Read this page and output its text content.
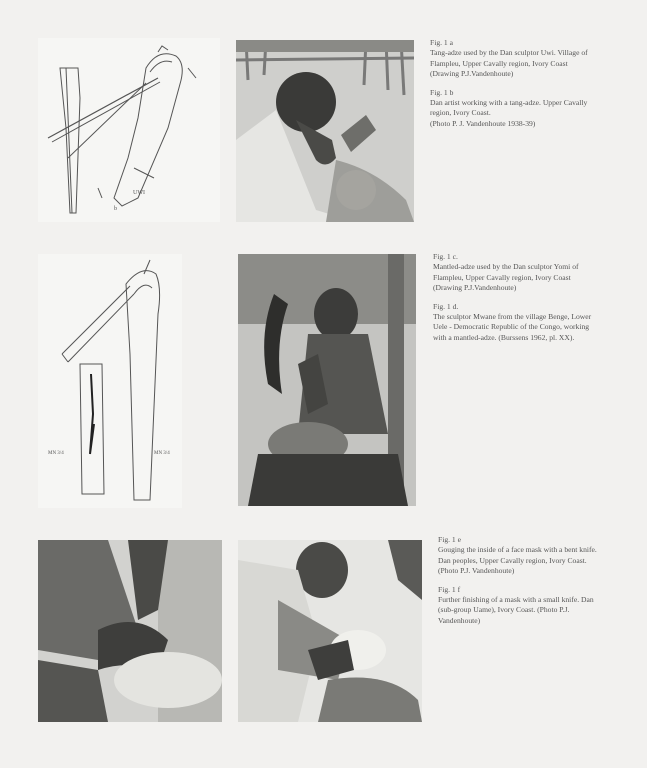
UWI
b

Fig. 1 a
Tang-adze used by the Dan sculptor Uwi. Village of
Flampleu, Upper Cavally region, Ivory Coast
(Drawing P.J.Vandenhoute)

Fig. 1 b
Dan artist working with a tang-adze. Upper Cavally
region, Ivory Coast.
(Photo P. J. Vandenhoute 1938-39)

MN 3/4	MN 3/4

Fig. 1 c.
Mantled-adze used by the Dan sculptor Yomi of
Flampleu, Upper Cavally region, Ivory Coast
(Drawing P.J.Vandenhoute)

Fig. 1 d.
The sculptor Mwane from the village Benge, Lower
Uele - Democratic Republic of the Congo, working
with a mantled-adze. (Burssens 1962, pl. XX).

Fig. 1 e
Gouging the inside of a face mask with a bent knife.
Dan peoples, Upper Cavally region, Ivory Coast.
(Photo P.J. Vandenhoute)

Fig. 1 f
Further finishing of a mask with a small knife. Dan
(sub-group Uame), Ivory Coast. (Photo P.J.
Vandenhoute)
